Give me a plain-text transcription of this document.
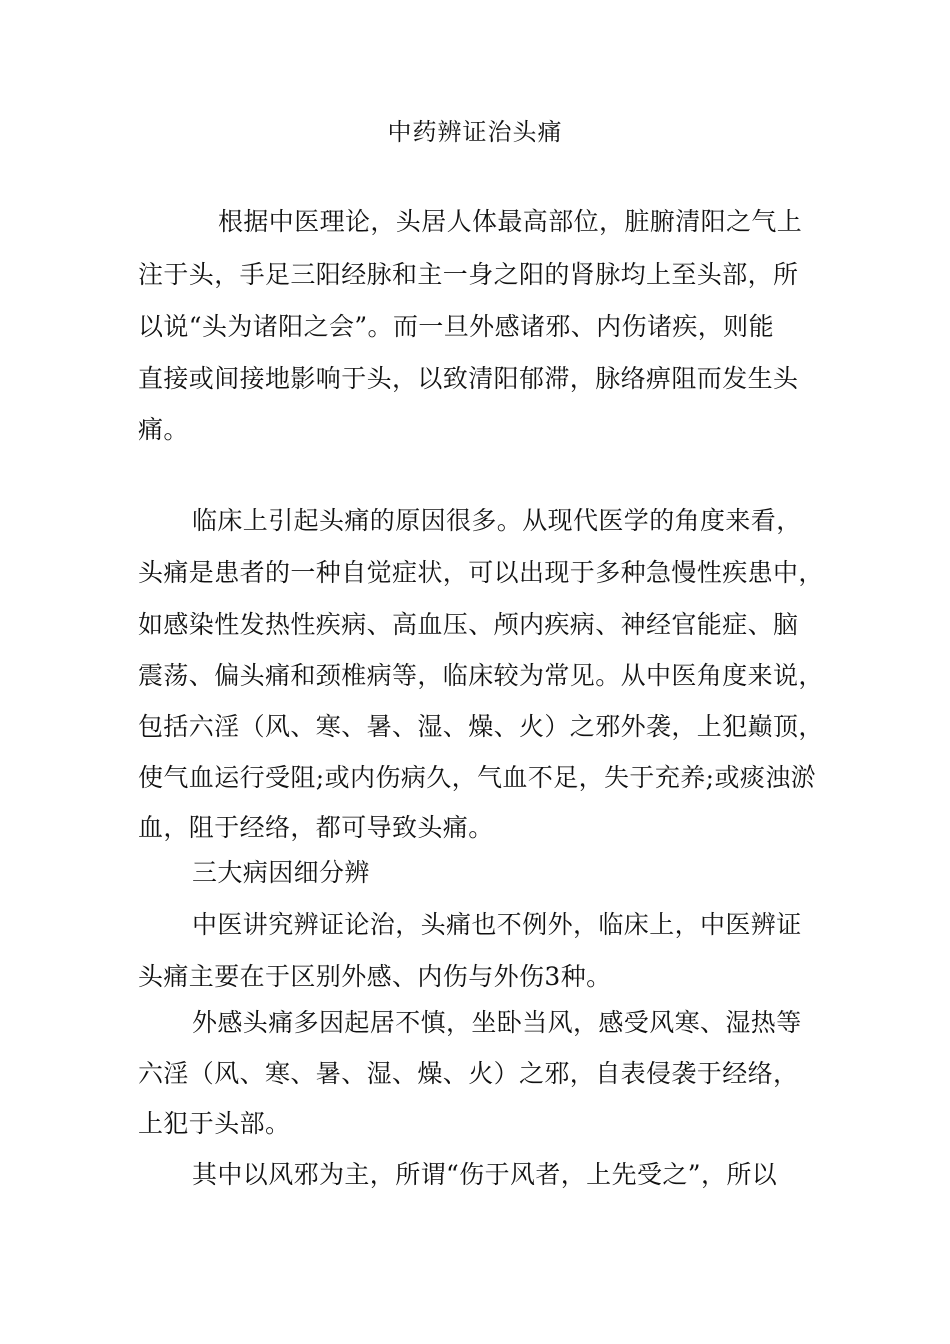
中药辨证治头痛
根据中医理论，头居人体最高部位，脏腑清阳之气上
注于头，手足三阳经脉和主一身之阳的肾脉均上至头部，所
以说“头为诸阳之会”。而一旦外感诸邪、内伤诸疾，则能
直接或间接地影响于头，以致清阳郁滞，脉络痹阻而发生头
痛。
临床上引起头痛的原因很多。从现代医学的角度来看，
头痛是患者的一种自觉症状，可以出现于多种急慢性疾患中，
如感染性发热性疾病、高血压、颅内疾病、神经官能症、脑
震荡、偏头痛和颈椎病等，临床较为常见。从中医角度来说，
包括六淫（风、寒、暑、湿、燥、火）之邪外袭，上犯巅顶，
使气血运行受阻;或内伤病久，气血不足，失于充养;或痰浊淤
血，阻于经络，都可导致头痛。
三大病因细分辨
中医讲究辨证论治，头痛也不例外，临床上，中医辨证
头痛主要在于区别外感、内伤与外伤3种。
外感头痛多因起居不慎，坐卧当风，感受风寒、湿热等
六淫（风、寒、暑、湿、燥、火）之邪，自表侵袭于经络，
上犯于头部。
其中以风邪为主，所谓“伤于风者，上先受之”，所以
